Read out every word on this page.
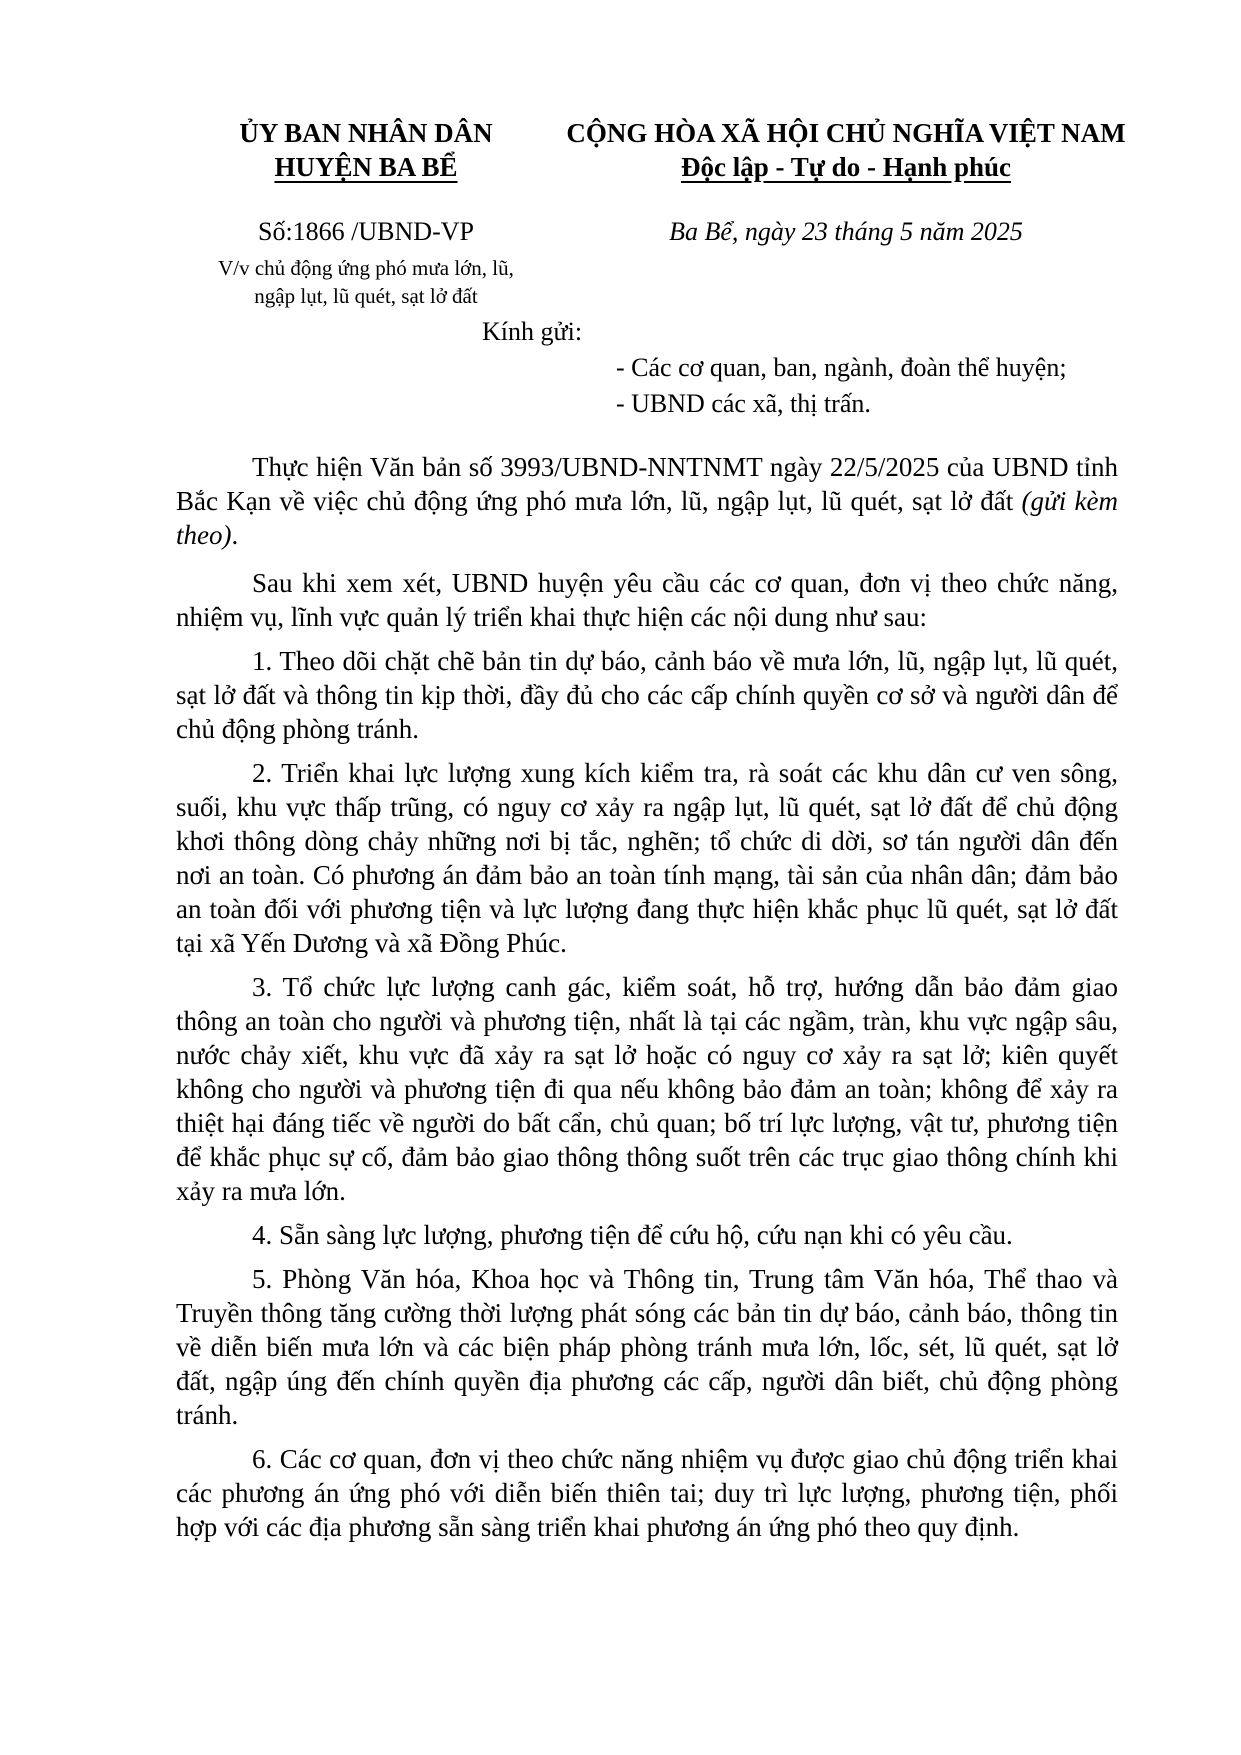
ỦY BAN NHÂN DÂN
HUYỆN BA BỂ
CỘNG HÒA XÃ HỘI CHỦ NGHĨA VIỆT NAM
Độc lập - Tự do - Hạnh phúc
Số:1866 /UBND-VP
V/v chủ động ứng phó mưa lớn, lũ,
ngập lụt, lũ quét, sạt lở đất
Ba Bể, ngày 23 tháng 5 năm 2025
Kính gửi:
- Các cơ quan, ban, ngành, đoàn thể huyện;
- UBND các xã, thị trấn.

Thực hiện Văn bản số 3993/UBND-NNTNMT ngày 22/5/2025 của UBND tỉnh Bắc Kạn về việc chủ động ứng phó mưa lớn, lũ, ngập lụt, lũ quét, sạt lở đất (gửi kèm theo).

Sau khi xem xét, UBND huyện yêu cầu các cơ quan, đơn vị theo chức năng, nhiệm vụ, lĩnh vực quản lý triển khai thực hiện các nội dung như sau:

1. Theo dõi chặt chẽ bản tin dự báo, cảnh báo về mưa lớn, lũ, ngập lụt, lũ quét, sạt lở đất và thông tin kịp thời, đầy đủ cho các cấp chính quyền cơ sở và người dân để chủ động phòng tránh.

2. Triển khai lực lượng xung kích kiểm tra, rà soát các khu dân cư ven sông, suối, khu vực thấp trũng, có nguy cơ xảy ra ngập lụt, lũ quét, sạt lở đất để chủ động khơi thông dòng chảy những nơi bị tắc, nghẽn; tổ chức di dời, sơ tán người dân đến nơi an toàn. Có phương án đảm bảo an toàn tính mạng, tài sản của nhân dân; đảm bảo an toàn đối với phương tiện và lực lượng đang thực hiện khắc phục lũ quét, sạt lở đất tại xã Yến Dương và xã Đồng Phúc.

3. Tổ chức lực lượng canh gác, kiểm soát, hỗ trợ, hướng dẫn bảo đảm giao thông an toàn cho người và phương tiện, nhất là tại các ngầm, tràn, khu vực ngập sâu, nước chảy xiết, khu vực đã xảy ra sạt lở hoặc có nguy cơ xảy ra sạt lở; kiên quyết không cho người và phương tiện đi qua nếu không bảo đảm an toàn; không để xảy ra thiệt hại đáng tiếc về người do bất cẩn, chủ quan; bố trí lực lượng, vật tư, phương tiện để khắc phục sự cố, đảm bảo giao thông thông suốt trên các trục giao thông chính khi xảy ra mưa lớn.

4. Sẵn sàng lực lượng, phương tiện để cứu hộ, cứu nạn khi có yêu cầu.

5. Phòng Văn hóa, Khoa học và Thông tin, Trung tâm Văn hóa, Thể thao và Truyền thông tăng cường thời lượng phát sóng các bản tin dự báo, cảnh báo, thông tin về diễn biến mưa lớn và các biện pháp phòng tránh mưa lớn, lốc, sét, lũ quét, sạt lở đất, ngập úng đến chính quyền địa phương các cấp, người dân biết, chủ động phòng tránh.

6. Các cơ quan, đơn vị theo chức năng nhiệm vụ được giao chủ động triển khai các phương án ứng phó với diễn biến thiên tai; duy trì lực lượng, phương tiện, phối hợp với các địa phương sẵn sàng triển khai phương án ứng phó theo quy định.
